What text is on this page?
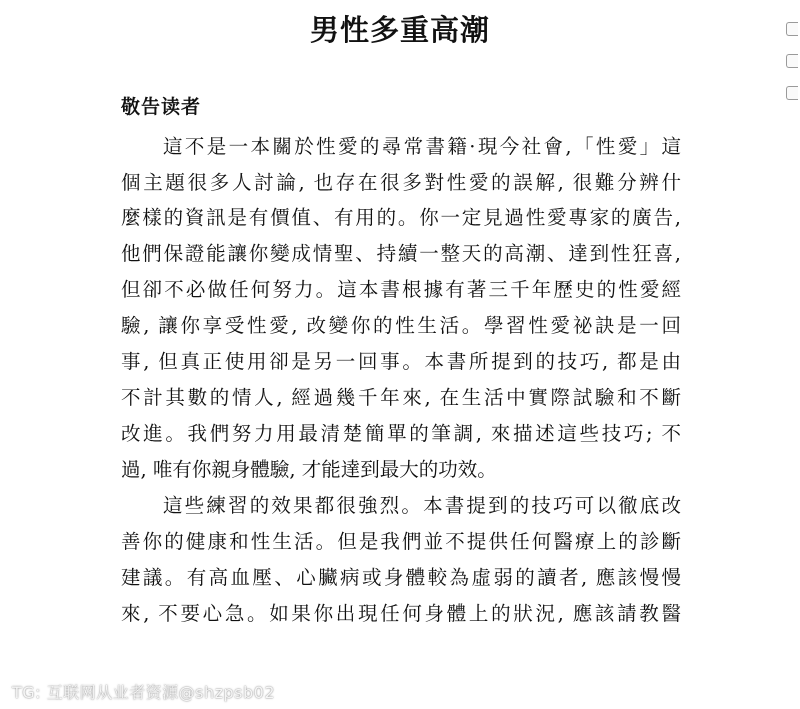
男性多重高潮
敬告读者
這不是一本關於性愛的尋常書籍·現今社會,「性愛」這
個主題很多人討論, 也存在很多對性愛的誤解, 很難分辨什
麼樣的資訊是有價值、有用的。你一定見過性愛專家的廣告,
他們保證能讓你變成情聖、持續一整天的高潮、達到性狂喜,
但卻不必做任何努力。這本書根據有著三千年歷史的性愛經
驗, 讓你享受性愛, 改變你的性生活。學習性愛祕訣是一回
事, 但真正使用卻是另一回事。本書所提到的技巧, 都是由
不計其數的情人, 經過幾千年來, 在生活中實際試驗和不斷
改進。我們努力用最清楚簡單的筆調, 來描述這些技巧; 不
過, 唯有你親身體驗, 才能達到最大的功效。
這些練習的效果都很強烈。本書提到的技巧可以徹底改
善你的健康和性生活。但是我們並不提供任何醫療上的診斷
建議。有高血壓、心臟病或身體較為虛弱的讀者, 應該慢慢
來, 不要心急。如果你出現任何身體上的狀況, 應該請教醫
TG: 互联网从业者资源@shzpsb02
